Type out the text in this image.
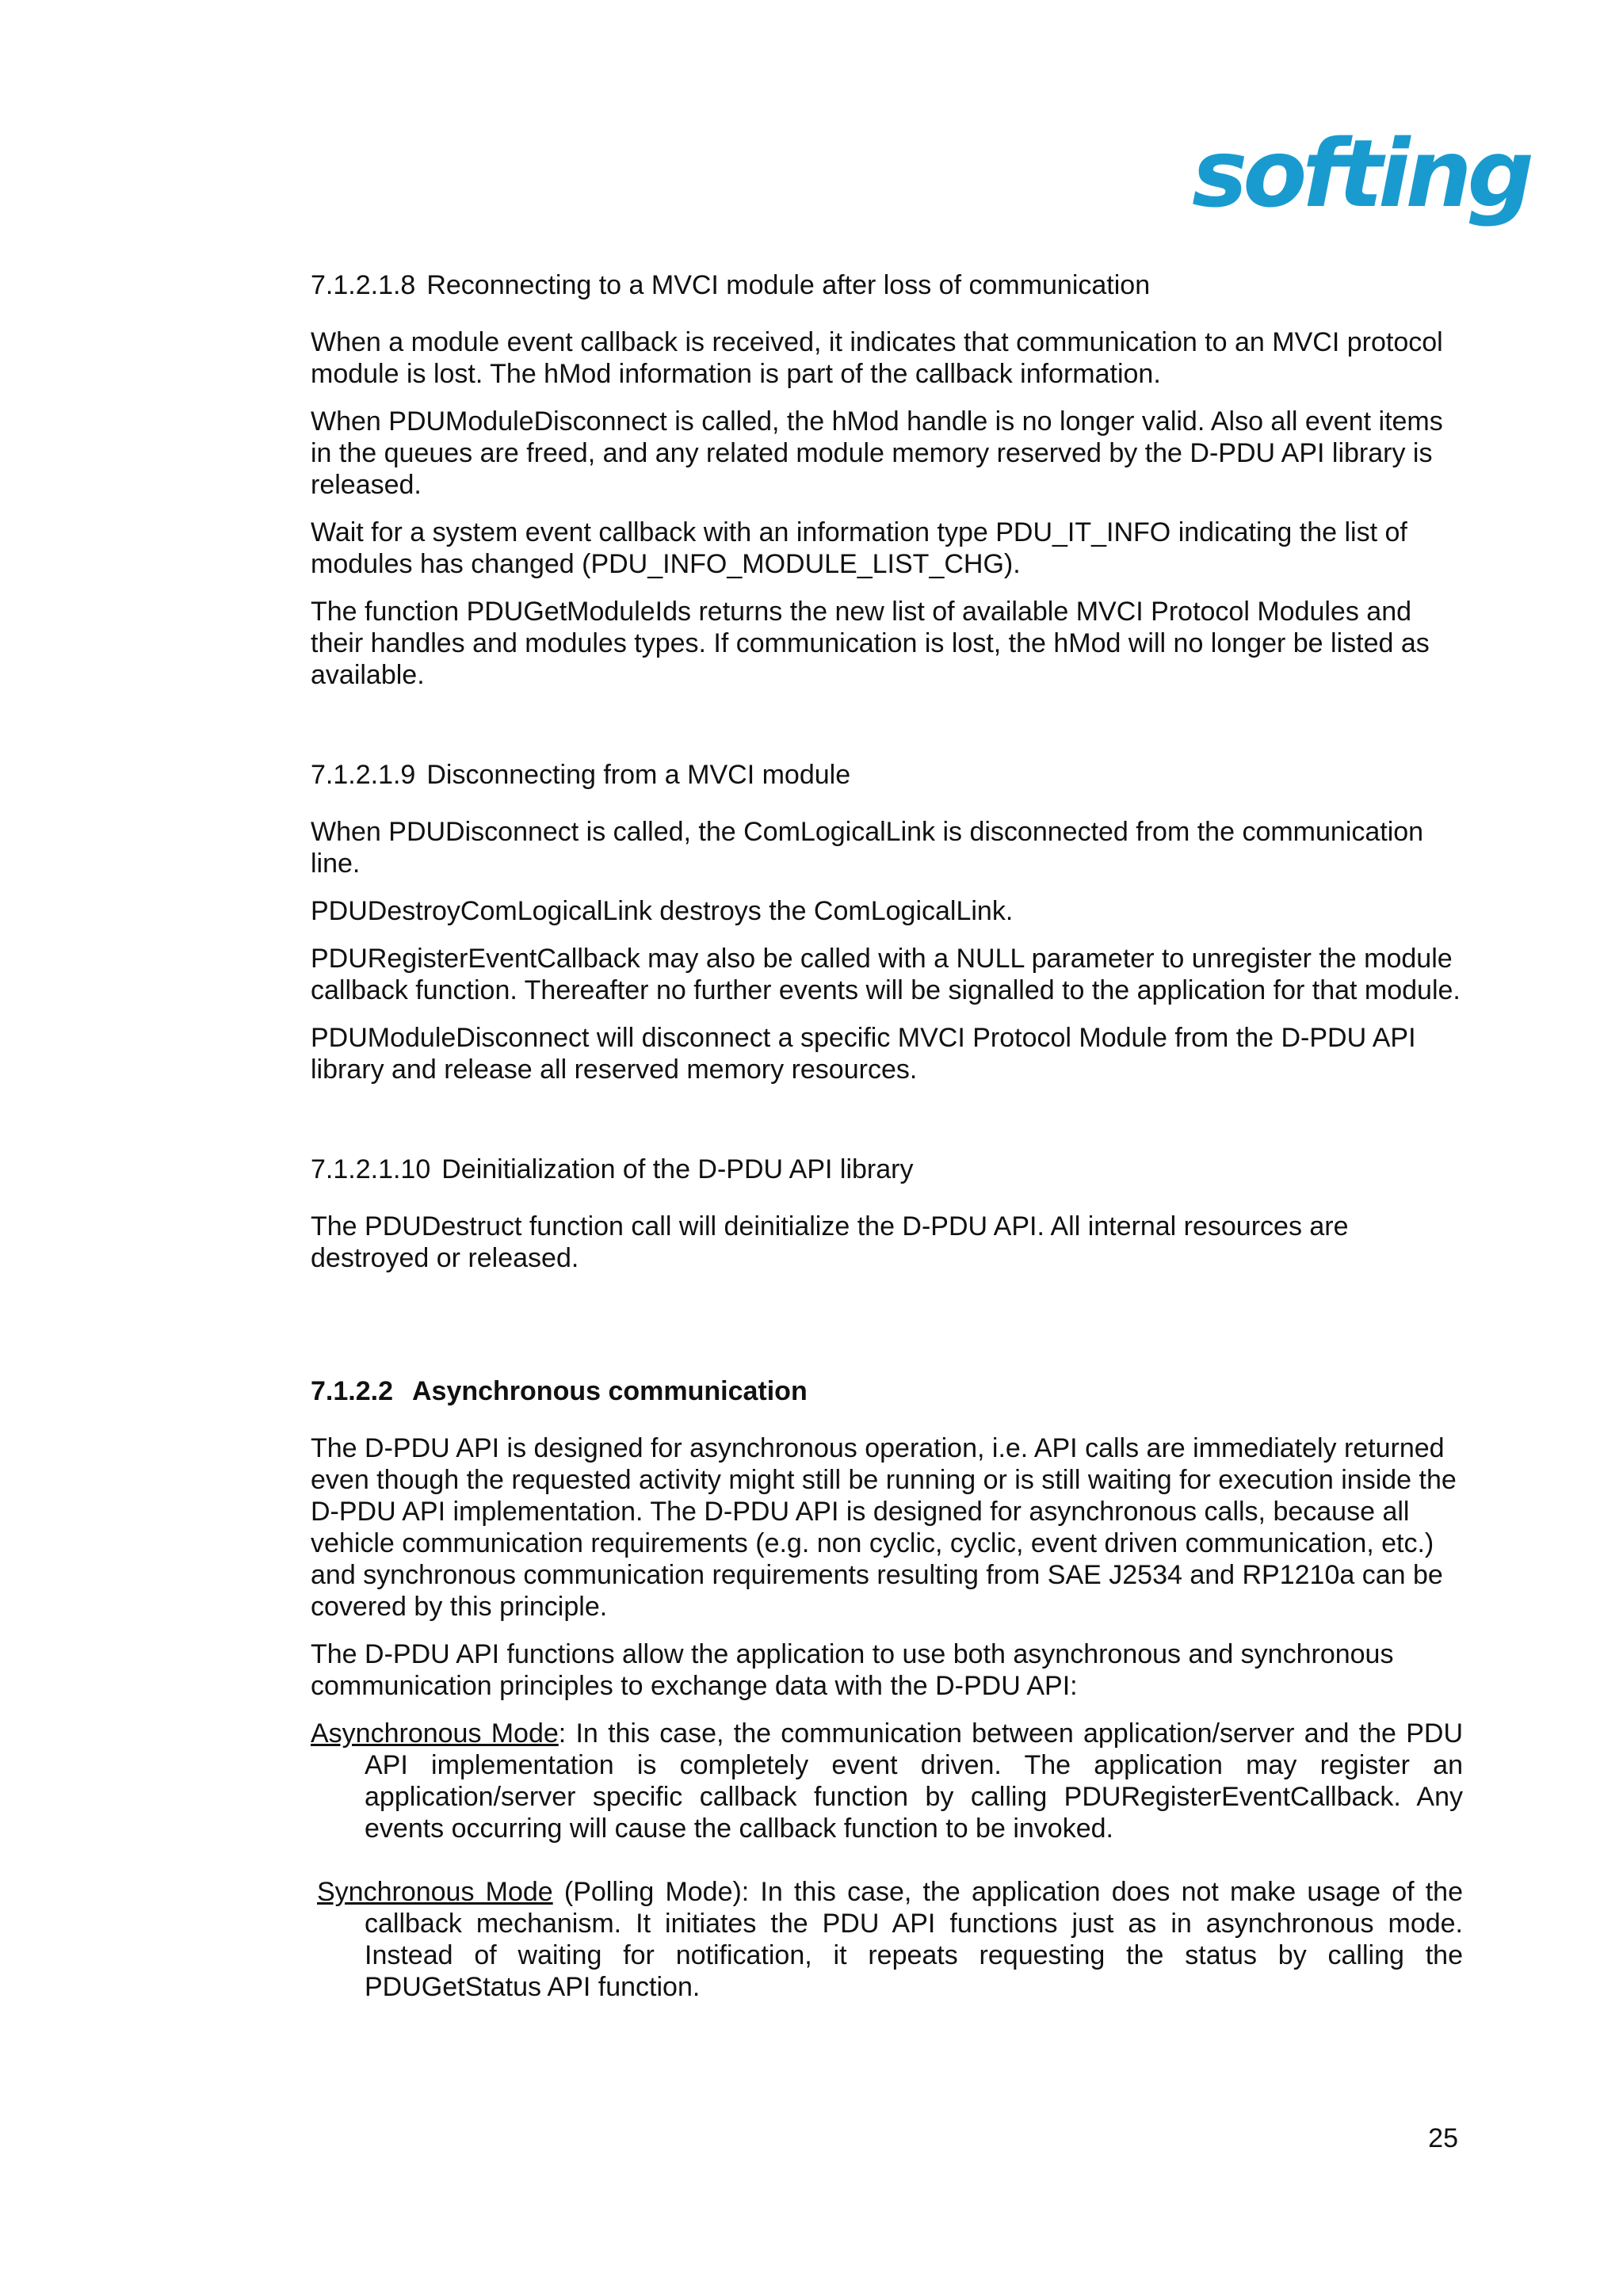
softing
7.1.2.1.8 Reconnecting to a MVCI module after loss of communication

When a module event callback is received, it indicates that communication to an MVCI protocol module is lost. The hMod information is part of the callback information.

When PDUModuleDisconnect is called, the hMod handle is no longer valid. Also all event items in the queues are freed, and any related module memory reserved by the D-PDU API library is released.

Wait for a system event callback with an information type PDU_IT_INFO indicating the list of modules has changed (PDU_INFO_MODULE_LIST_CHG).

The function PDUGetModuleIds returns the new list of available MVCI Protocol Modules and their handles and modules types. If communication is lost, the hMod will no longer be listed as available.

7.1.2.1.9 Disconnecting from a MVCI module

When PDUDisconnect is called, the ComLogicalLink is disconnected from the communication line.

PDUDestroyComLogicalLink destroys the ComLogicalLink.

PDURegisterEventCallback may also be called with a NULL parameter to unregister the module callback function. Thereafter no further events will be signalled to the application for that module.

PDUModuleDisconnect will disconnect a specific MVCI Protocol Module from the D-PDU API library and release all reserved memory resources.

7.1.2.1.10 Deinitialization of the D-PDU API library

The PDUDestruct function call will deinitialize the D-PDU API. All internal resources are destroyed or released.

7.1.2.2 Asynchronous communication

The D-PDU API is designed for asynchronous operation, i.e. API calls are immediately returned even though the requested activity might still be running or is still waiting for execution inside the D-PDU API implementation. The D-PDU API is designed for asynchronous calls, because all vehicle communication requirements (e.g. non cyclic, cyclic, event driven communication, etc.) and synchronous communication requirements resulting from SAE J2534 and RP1210a can be covered by this principle.

The D-PDU API functions allow the application to use both asynchronous and synchronous communication principles to exchange data with the D-PDU API:

Asynchronous Mode: In this case, the communication between application/server and the PDU API implementation is completely event driven. The application may register an application/server specific callback function by calling PDURegisterEventCallback. Any events occurring will cause the callback function to be invoked.

Synchronous Mode (Polling Mode): In this case, the application does not make usage of the callback mechanism. It initiates the PDU API functions just as in asynchronous mode. Instead of waiting for notification, it repeats requesting the status by calling the PDUGetStatus API function.

25
